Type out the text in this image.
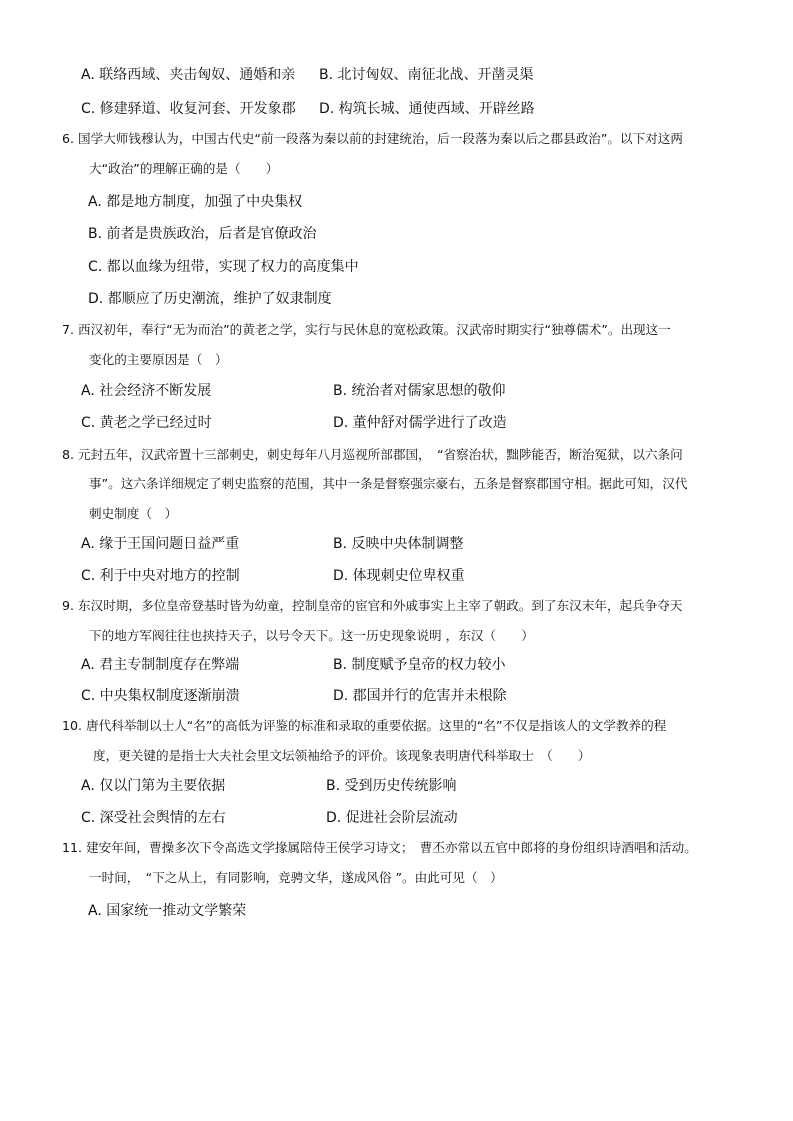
A. 联络西域、夹击匈奴、通婚和亲 B. 北讨匈奴、南征北战、开凿灵渠
C. 修建驿道、收复河套、开发象郡 D. 构筑长城、通使西域、开辟丝路
6. 国学大师钱穆认为，中国古代史“前一段落为秦以前的封建统治，后一段落为秦以后之郡县政治”。以下对这两
大“政治”的理解正确的是（　　）
A. 都是地方制度，加强了中央集权
B. 前者是贵族政治，后者是官僚政治
C. 都以血缘为纽带，实现了权力的高度集中
D. 都顺应了历史潮流，维护了奴隶制度
7. 西汉初年，奉行“无为而治”的黄老之学，实行与民休息的宽松政策。汉武帝时期实行“独尊儒术”。出现这一
变化的主要原因是（　）
A. 社会经济不断发展	B. 统治者对儒家思想的敬仰
C. 黄老之学已经过时	D. 董仲舒对儒学进行了改造
8. 元封五年，汉武帝置十三部刺史，刺史每年八月巡视所部郡国，　“省察治状，黜陟能否，断治冤狱，以六条问
事”。这六条详细规定了刺史监察的范围，其中一条是督察强宗豪右，五条是督察郡国守相。据此可知，汉代
刺史制度（　）
A. 缘于王国问题日益严重	B. 反映中央体制调整
C. 利于中央对地方的控制	D. 体现刺史位卑权重
9. 东汉时期，多位皇帝登基时皆为幼童，控制皇帝的宦官和外戚事实上主宰了朝政。到了东汉末年，起兵争夺天
下的地方军阀往往也挟持天子，以号令天下。这一历史现象说明 ，东汉（　　）
A. 君主专制制度存在弊端	B. 制度赋予皇帝的权力较小
C. 中央集权制度逐渐崩溃	D. 郡国并行的危害并未根除
10. 唐代科举制以士人“名”的高低为评鉴的标准和录取的重要依据。这里的“名”不仅是指该人的文学教养的程
度，更关键的是指士大夫社会里文坛领袖给予的评价。该现象表明唐代科举取士　（　　）
A. 仅以门第为主要依据	B. 受到历史传统影响
C. 深受社会舆情的左右	D. 促进社会阶层流动
11. 建安年间，曹操多次下令高选文学掾属陪侍王侯学习诗文；　曹丕亦常以五官中郎将的身份组织诗酒唱和活动。
一时间，　“下之从上，有同影响，竞骋文华，遂成风俗 ”。由此可见（　）
A. 国家统一推动文学繁荣
